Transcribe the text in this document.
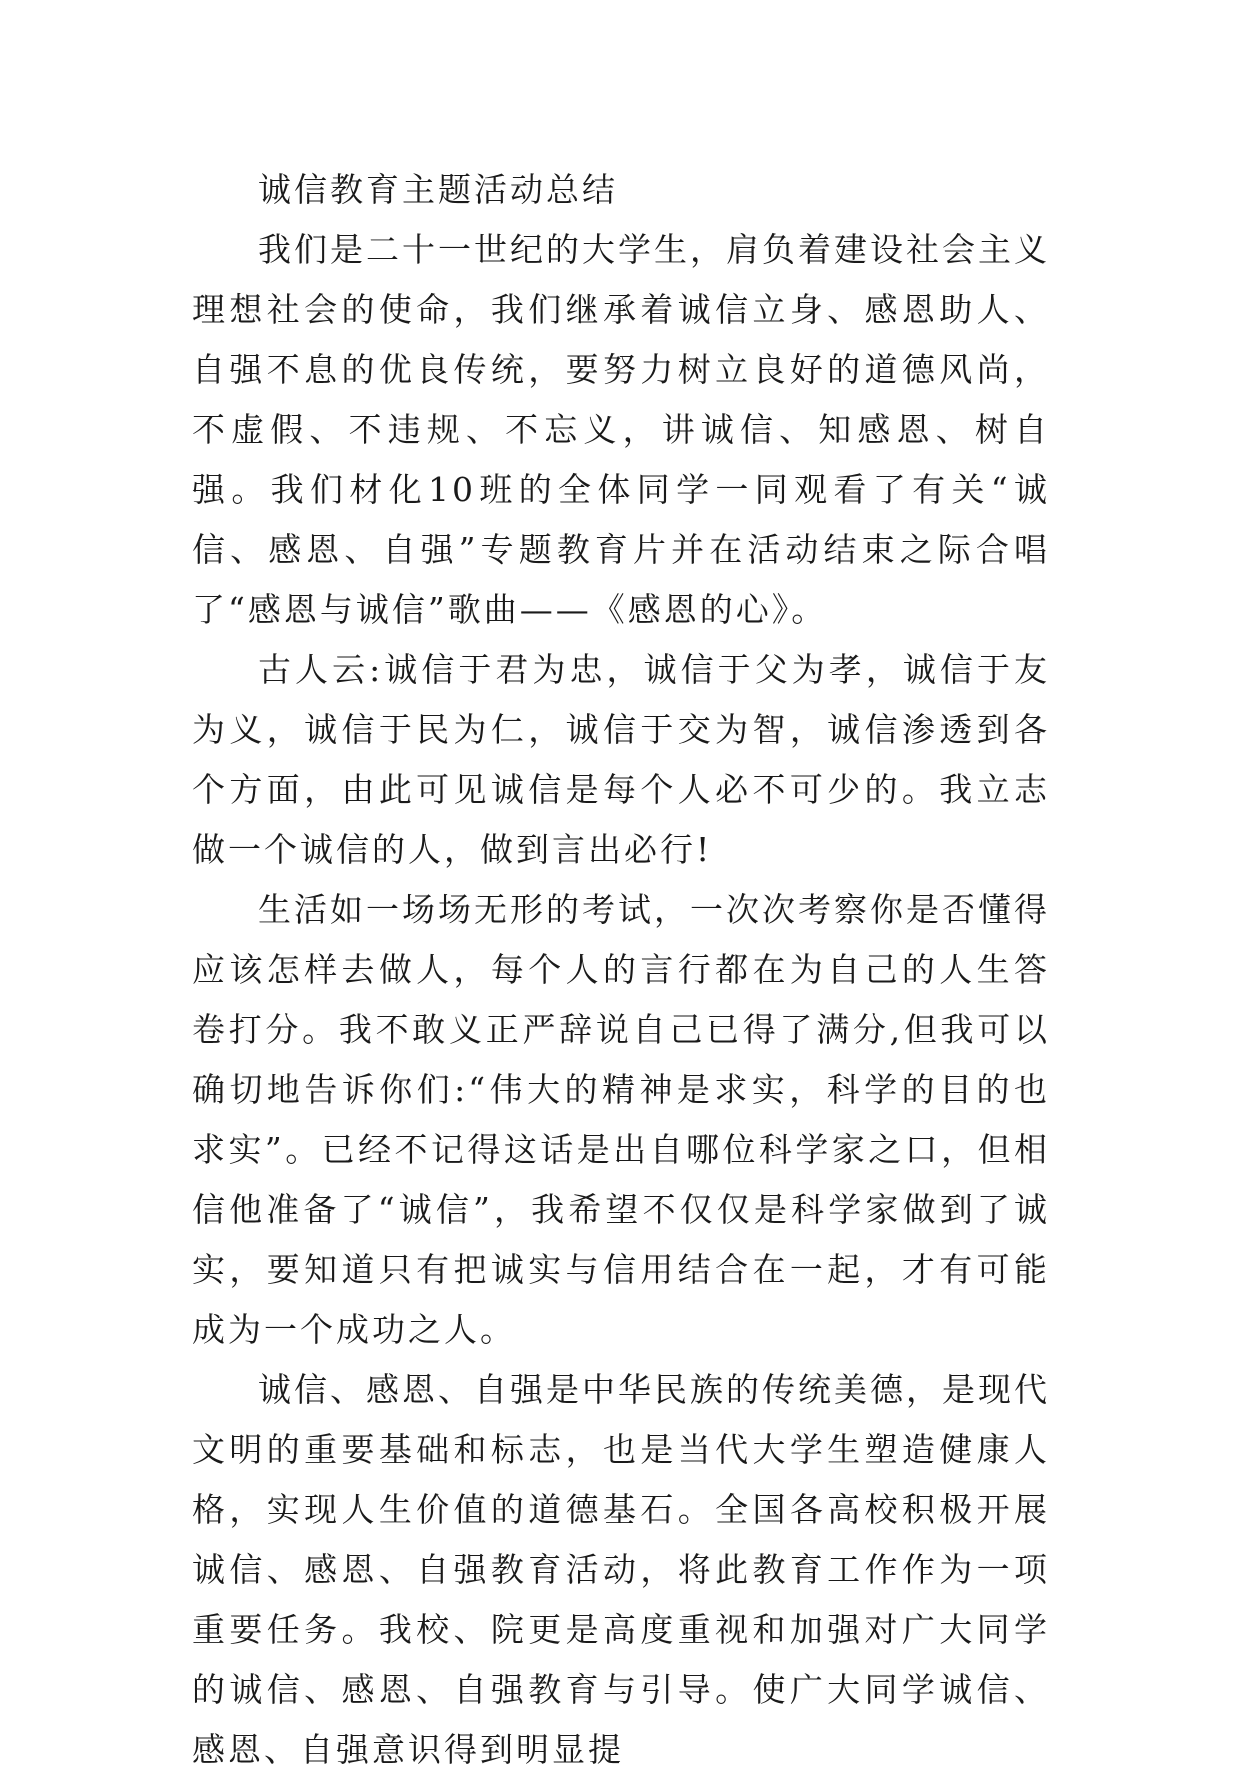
诚信教育主题活动总结

我们是二十一世纪的大学生，肩负着建设社会主义理想社会的使命，我们继承着诚信立身、感恩助人、自强不息的优良传统，要努力树立良好的道德风尚，不虚假、不违规、不忘义，讲诚信、知感恩、树自强。我们材化10班的全体同学一同观看了有关“诚信、感恩、自强”专题教育片并在活动结束之际合唱了“感恩与诚信”歌曲——《感恩的心》。

古人云:诚信于君为忠，诚信于父为孝，诚信于友为义，诚信于民为仁，诚信于交为智，诚信渗透到各个方面，由此可见诚信是每个人必不可少的。我立志做一个诚信的人，做到言出必行!

生活如一场场无形的考试，一次次考察你是否懂得应该怎样去做人，每个人的言行都在为自己的人生答卷打分。我不敢义正严辞说自己已得了满分,但我可以确切地告诉你们:“伟大的精神是求实，科学的目的也求实”。已经不记得这话是出自哪位科学家之口，但相信他准备了“诚信”，我希望不仅仅是科学家做到了诚实，要知道只有把诚实与信用结合在一起，才有可能成为一个成功之人。

诚信、感恩、自强是中华民族的传统美德，是现代文明的重要基础和标志，也是当代大学生塑造健康人格，实现人生价值的道德基石。全国各高校积极开展诚信、感恩、自强教育活动，将此教育工作作为一项重要任务。我校、院更是高度重视和加强对广大同学的诚信、感恩、自强教育与引导。使广大同学诚信、感恩、自强意识得到明显提
